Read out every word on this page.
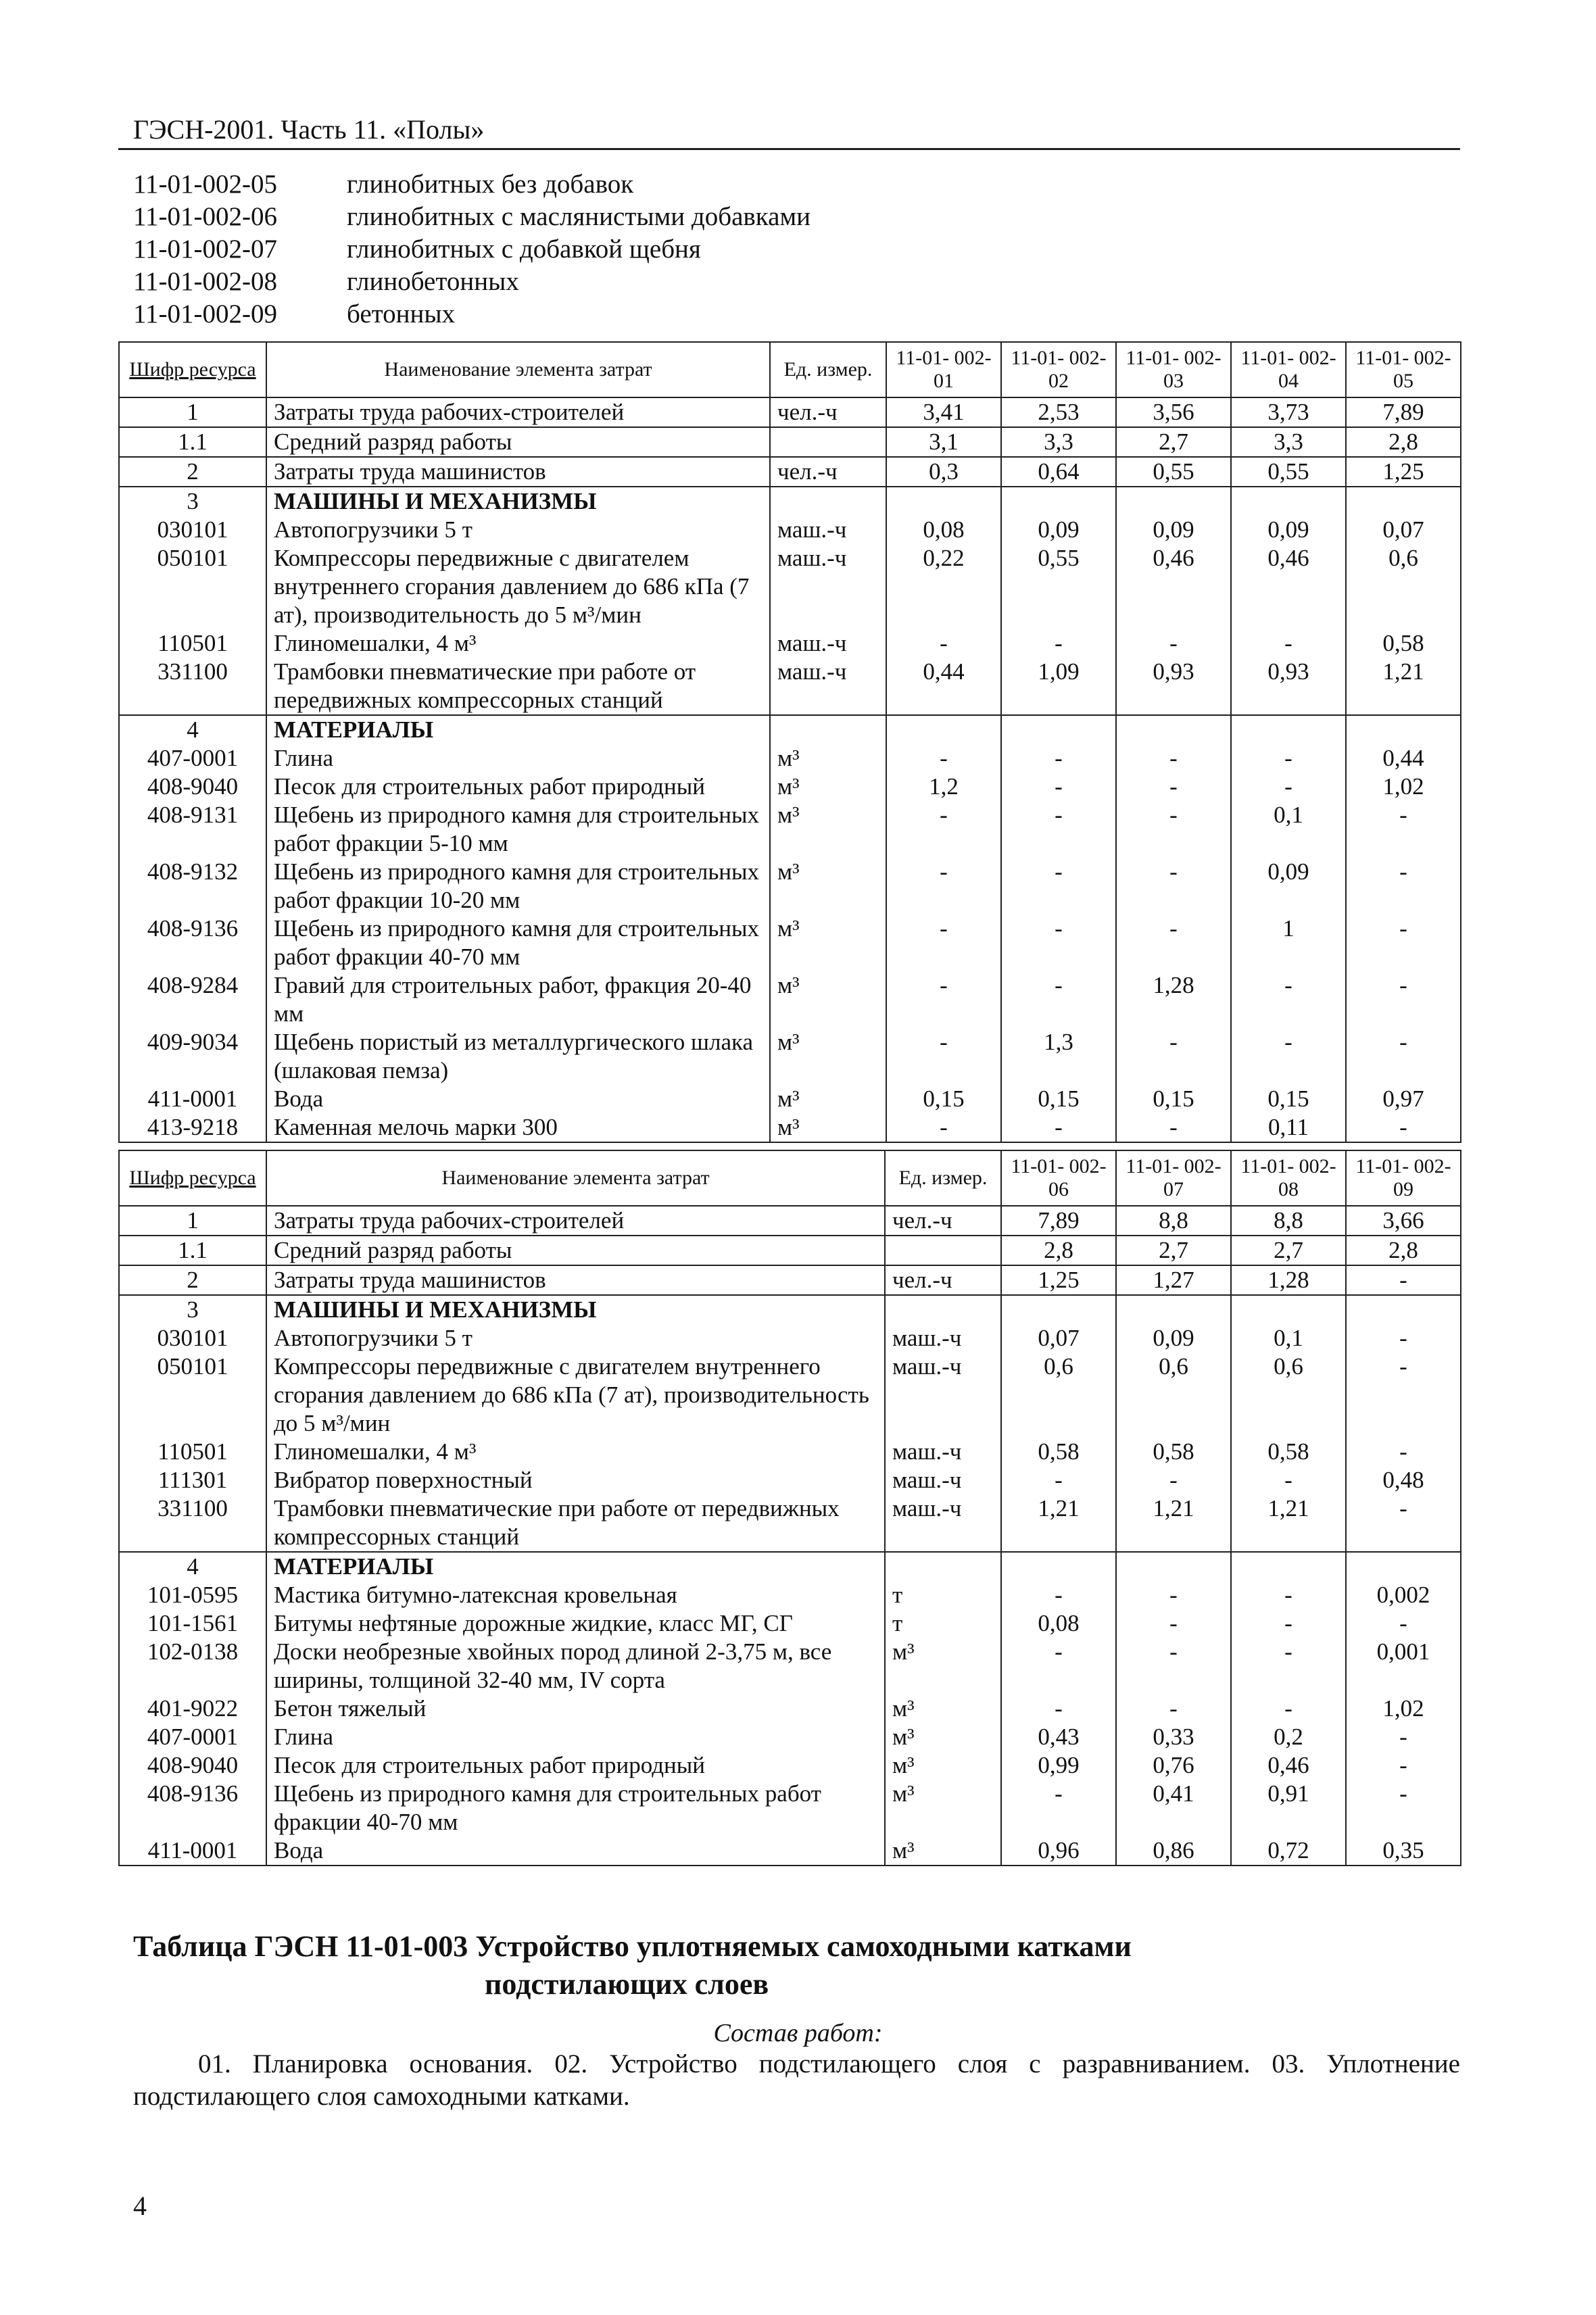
ГЭСН-2001. Часть 11. «Полы»
11-01-002-05	глинобитных без добавок
11-01-002-06	глинобитных с маслянистыми добавками
11-01-002-07	глинобитных с добавкой щебня
11-01-002-08	глинобетонных
11-01-002-09	бетонных
Шифр ресурса	Наименование элемента затрат	Ед. измер.	11-01- 002-01	11-01- 002-02	11-01- 002-03	11-01- 002-04	11-01- 002-05
1	Затраты труда рабочих-строителей	чел.-ч	3,41	2,53	3,56	3,73	7,89
1.1	Средний разряд работы		3,1	3,3	2,7	3,3	2,8
2	Затраты труда машинистов	чел.-ч	0,3	0,64	0,55	0,55	1,25
3	МАШИНЫ И МЕХАНИЗМЫ						
030101	Автопогрузчики 5 т	маш.-ч	0,08	0,09	0,09	0,09	0,07
050101	Компрессоры передвижные с двигателем внутреннего сгорания давлением до 686 кПа (7 ат), производительность до 5 м³/мин	маш.-ч	0,22	0,55	0,46	0,46	0,6
110501	Глиномешалки, 4 м³	маш.-ч	-	-	-	-	0,58
331100	Трамбовки пневматические при работе от передвижных компрессорных станций	маш.-ч	0,44	1,09	0,93	0,93	1,21
4	МАТЕРИАЛЫ						
407-0001	Глина	м³	-	-	-	-	0,44
408-9040	Песок для строительных работ природный	м³	1,2	-	-	-	1,02
408-9131	Щебень из природного камня для строительных работ фракции 5-10 мм	м³	-	-	-	0,1	-
408-9132	Щебень из природного камня для строительных работ фракции 10-20 мм	м³	-	-	-	0,09	-
408-9136	Щебень из природного камня для строительных работ фракции 40-70 мм	м³	-	-	-	1	-
408-9284	Гравий для строительных работ, фракция 20-40 мм	м³	-	-	1,28	-	-
409-9034	Щебень пористый из металлургического шлака (шлаковая пемза)	м³	-	1,3	-	-	-
411-0001	Вода	м³	0,15	0,15	0,15	0,15	0,97
413-9218	Каменная мелочь марки 300	м³	-	-	-	0,11	-
Шифр ресурса	Наименование элемента затрат	Ед. измер.	11-01- 002-06	11-01- 002-07	11-01- 002-08	11-01- 002-09
1	Затраты труда рабочих-строителей	чел.-ч	7,89	8,8	8,8	3,66
1.1	Средний разряд работы		2,8	2,7	2,7	2,8
2	Затраты труда машинистов	чел.-ч	1,25	1,27	1,28	-
3	МАШИНЫ И МЕХАНИЗМЫ					
030101	Автопогрузчики 5 т	маш.-ч	0,07	0,09	0,1	-
050101	Компрессоры передвижные с двигателем внутреннего сгорания давлением до 686 кПа (7 ат), производительность до 5 м³/мин	маш.-ч	0,6	0,6	0,6	-
110501	Глиномешалки, 4 м³	маш.-ч	0,58	0,58	0,58	-
111301	Вибратор поверхностный	маш.-ч	-	-	-	0,48
331100	Трамбовки пневматические при работе от передвижных компрессорных станций	маш.-ч	1,21	1,21	1,21	-
4	МАТЕРИАЛЫ					
101-0595	Мастика битумно-латексная кровельная	т	-	-	-	0,002
101-1561	Битумы нефтяные дорожные жидкие, класс МГ, СГ	т	0,08	-	-	-
102-0138	Доски необрезные хвойных пород длиной 2-3,75 м, все ширины, толщиной 32-40 мм, IV сорта	м³	-	-	-	0,001
401-9022	Бетон тяжелый	м³	-	-	-	1,02
407-0001	Глина	м³	0,43	0,33	0,2	-
408-9040	Песок для строительных работ природный	м³	0,99	0,76	0,46	-
408-9136	Щебень из природного камня для строительных работ фракции 40-70 мм	м³	-	0,41	0,91	-
411-0001	Вода	м³	0,96	0,86	0,72	0,35
Таблица ГЭСН 11-01-003 Устройство уплотняемых самоходными катками
подстилающих слоев
Состав работ:
01. Планировка основания. 02. Устройство подстилающего слоя с разравниванием. 03. Уплотнение подстилающего слоя самоходными катками.
4
